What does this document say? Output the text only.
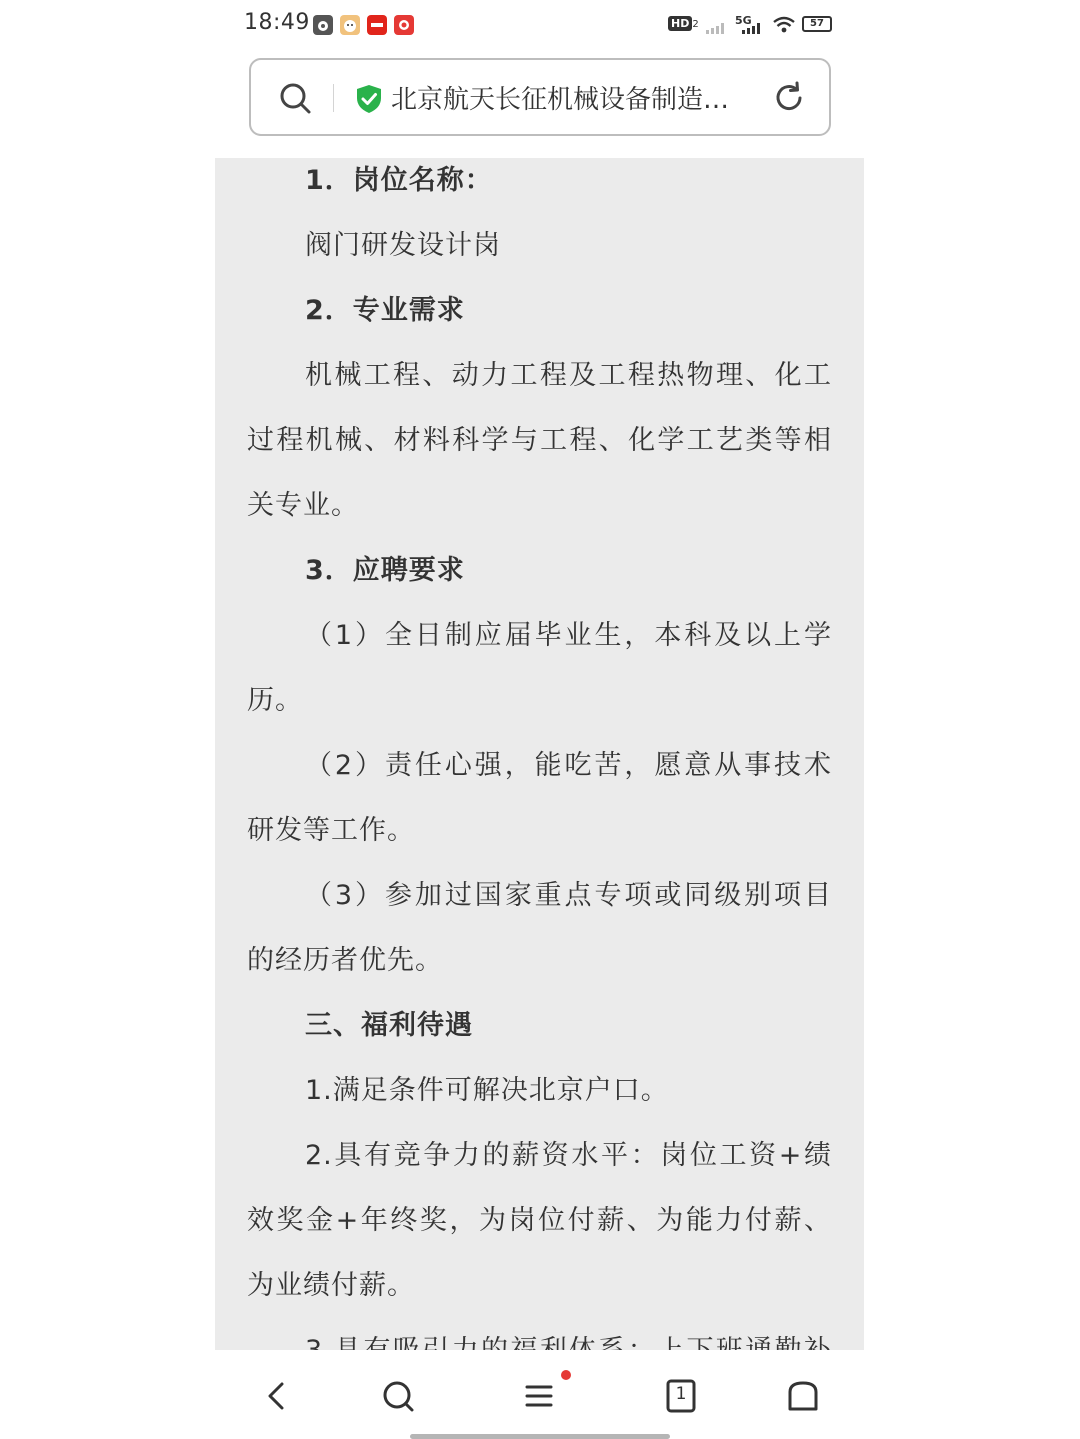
18:49	HD 2	5G	57
北京航天长征机械设备制造…
1．岗位名称：
阀门研发设计岗
2．专业需求
机械工程、动力工程及工程热物理、化工
过程机械、材料科学与工程、化学工艺类等相
关专业。
3．应聘要求
（1）全日制应届毕业生，本科及以上学
历。
（2）责任心强，能吃苦，愿意从事技术
研发等工作。
（3）参加过国家重点专项或同级别项目
的经历者优先。
三、福利待遇
1.满足条件可解决北京户口。
2.具有竞争力的薪资水平：岗位工资+绩
效奖金+年终奖，为岗位付薪、为能力付薪、
为业绩付薪。
1
